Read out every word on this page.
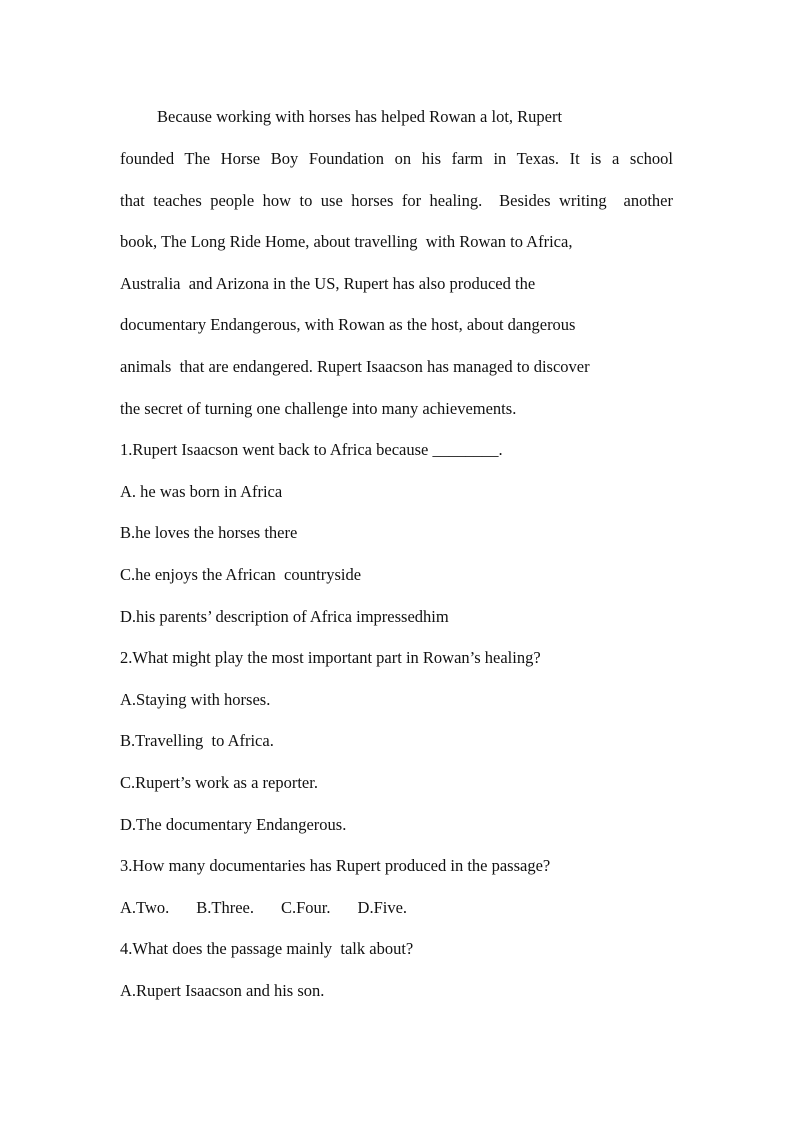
Because working with horses has helped Rowan a lot, Rupert

founded The Horse Boy Foundation on his farm in Texas. It is a school

that teaches people how to use horses for healing.  Besides writing  another

book, The Long Ride Home, about travelling  with Rowan to Africa,

Australia  and Arizona in the US, Rupert has also produced the

documentary Endangerous, with Rowan as the host, about dangerous

animals  that are endangered. Rupert Isaacson has managed to discover

the secret of turning one challenge into many achievements.

1.Rupert Isaacson went back to Africa because ________.

A. he was born in Africa

B.he loves the horses there

C.he enjoys the African  countryside

D.his parents’ description of Africa impressedhim

2.What might play the most important part in Rowan’s healing?

A.Staying with horses.

B.Travelling  to Africa.

C.Rupert’s work as a reporter.

D.The documentary Endangerous.

3.How many documentaries has Rupert produced in the passage?

A.Two. B.Three. C.Four. D.Five.

4.What does the passage mainly  talk about?

A.Rupert Isaacson and his son.
